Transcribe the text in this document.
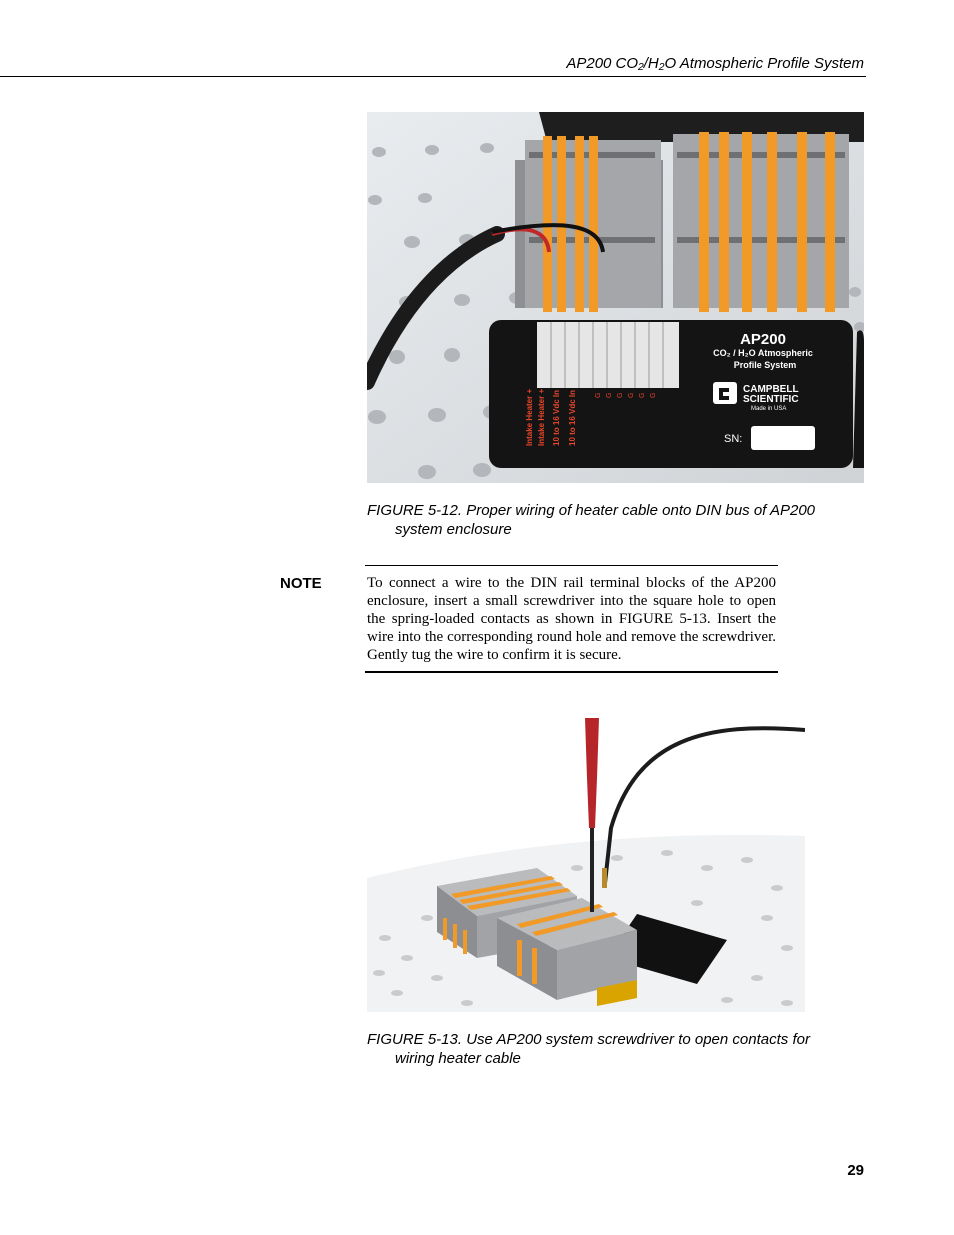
AP200 CO₂/H₂O Atmospheric Profile System
Intake Heater + Intake Heater + 10 to 16 Vdc In 10 to 16 Vdc In	G G G G G G
AP200
CO₂ / H₂O Atmospheric
Profile System
CAMPBELL
SCIENTIFIC
Made in USA
SN:
FIGURE 5-12. Proper wiring of heater cable onto DIN bus of AP200
system enclosure
NOTE	To connect a wire to the DIN rail terminal blocks of the AP200 enclosure, insert a small screwdriver into the square hole to open the spring-loaded contacts as shown in FIGURE 5-13. Insert the wire into the corresponding round hole and remove the screwdriver. Gently tug the wire to confirm it is secure.
FIGURE 5-13. Use AP200 system screwdriver to open contacts for
wiring heater cable
29
